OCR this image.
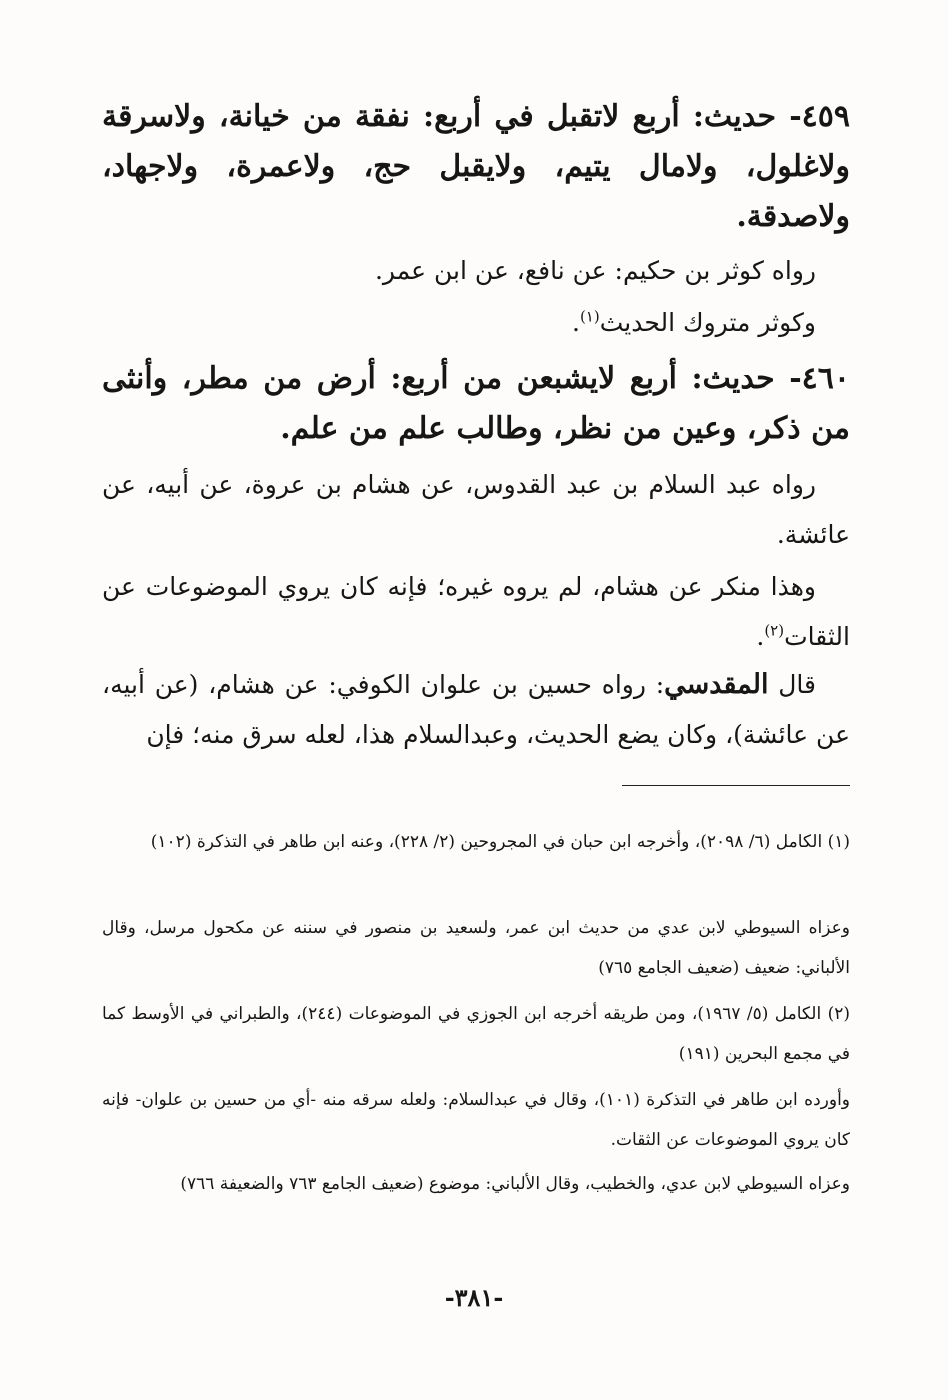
٤٥٩- حديث: أربع لاتقبل في أربع: نفقة من خيانة، ولاسرقة ولاغلول، ولامال يتيم، ولايقبل حج، ولاعمرة، ولاجهاد، ولاصدقة.
رواه كوثر بن حكيم: عن نافع، عن ابن عمر.
وكوثر متروك الحديث$^{(١)}$.
٤٦٠- حديث: أربع لايشبعن من أربع: أرض من مطر، وأنثى من ذكر، وعين من نظر، وطالب علم من علم.
رواه عبد السلام بن عبد القدوس، عن هشام بن عروة، عن أبيه، عن عائشة.
وهذا منكر عن هشام، لم يروه غيره؛ فإنه كان يروي الموضوعات عن الثقات$^{(٢)}$.
قال المقدسي: رواه حسين بن علوان الكوفي: عن هشام، (عن أبيه، عن عائشة)، وكان يضع الحديث، وعبدالسلام هذا، لعله سرق منه؛ فإن
(١) الكامل (٦/ ٢٠٩٨)، وأخرجه ابن حبان في المجروحين (٢/ ٢٢٨)، وعنه ابن طاهر في التذكرة (١٠٢)
وعزاه السيوطي لابن عدي من حديث ابن عمر، ولسعيد بن منصور في سننه عن مكحول مرسل، وقال الألباني: ضعيف (ضعيف الجامع ٧٦٥)
(٢) الكامل (٥/ ١٩٦٧)، ومن طريقه أخرجه ابن الجوزي في الموضوعات (٢٤٤)، والطبراني في الأوسط كما في مجمع البحرين (١٩١)
وأورده ابن طاهر في التذكرة (١٠١)، وقال في عبدالسلام: ولعله سرقه منه -أي من حسين بن علوان- فإنه كان يروي الموضوعات عن الثقات.
وعزاه السيوطي لابن عدي، والخطيب، وقال الألباني: موضوع (ضعيف الجامع ٧٦٣ والضعيفة ٧٦٦)
-٣٨١-
